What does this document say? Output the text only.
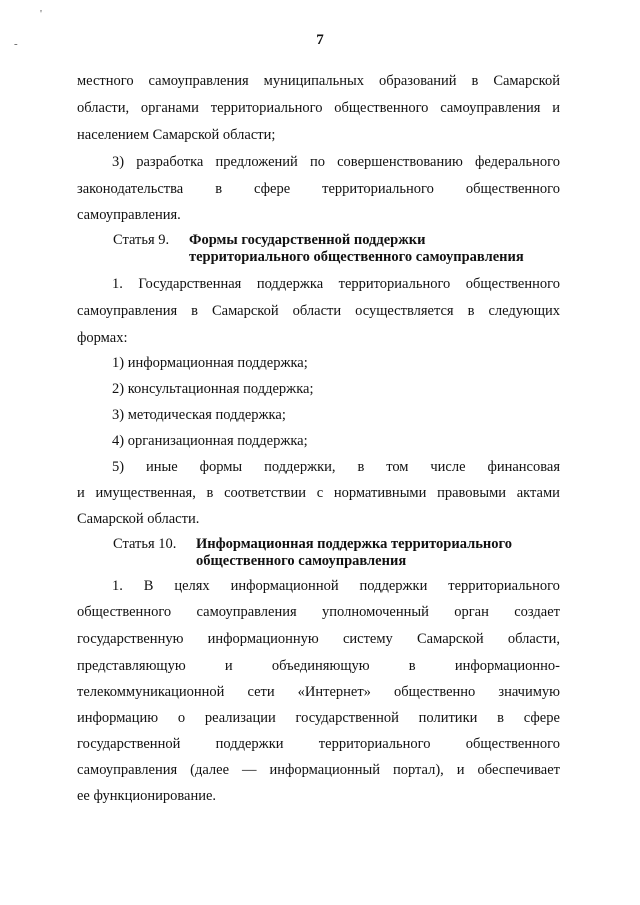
'
-	7
местного самоуправления муниципальных образований в Самарской
области, органами территориального общественного самоуправления и
населением Самарской области;
3) разработка предложений по совершенствованию федерального
законодательства в сфере территориального общественного
самоуправления.
Статья 9. Формы государственной поддержки
территориального общественного самоуправления
1. Государственная поддержка территориального общественного
самоуправления в Самарской области осуществляется в следующих
формах:
1) информационная поддержка;
2) консультационная поддержка;
3) методическая поддержка;
4) организационная поддержка;
5) иные формы поддержки, в том числе финансовая
и имущественная, в соответствии с нормативными правовыми актами
Самарской области.
Статья 10. Информационная поддержка территориального
общественного самоуправления
1. В целях информационной поддержки территориального
общественного самоуправления уполномоченный орган создает
государственную информационную систему Самарской области,
представляющую	и	объединяющую	в	информационно-
телекоммуникационной сети «Интернет» общественно значимую
информацию о реализации государственной политики в сфере
государственной поддержки территориального общественного
самоуправления (далее — информационный портал), и обеспечивает
ее функционирование.
